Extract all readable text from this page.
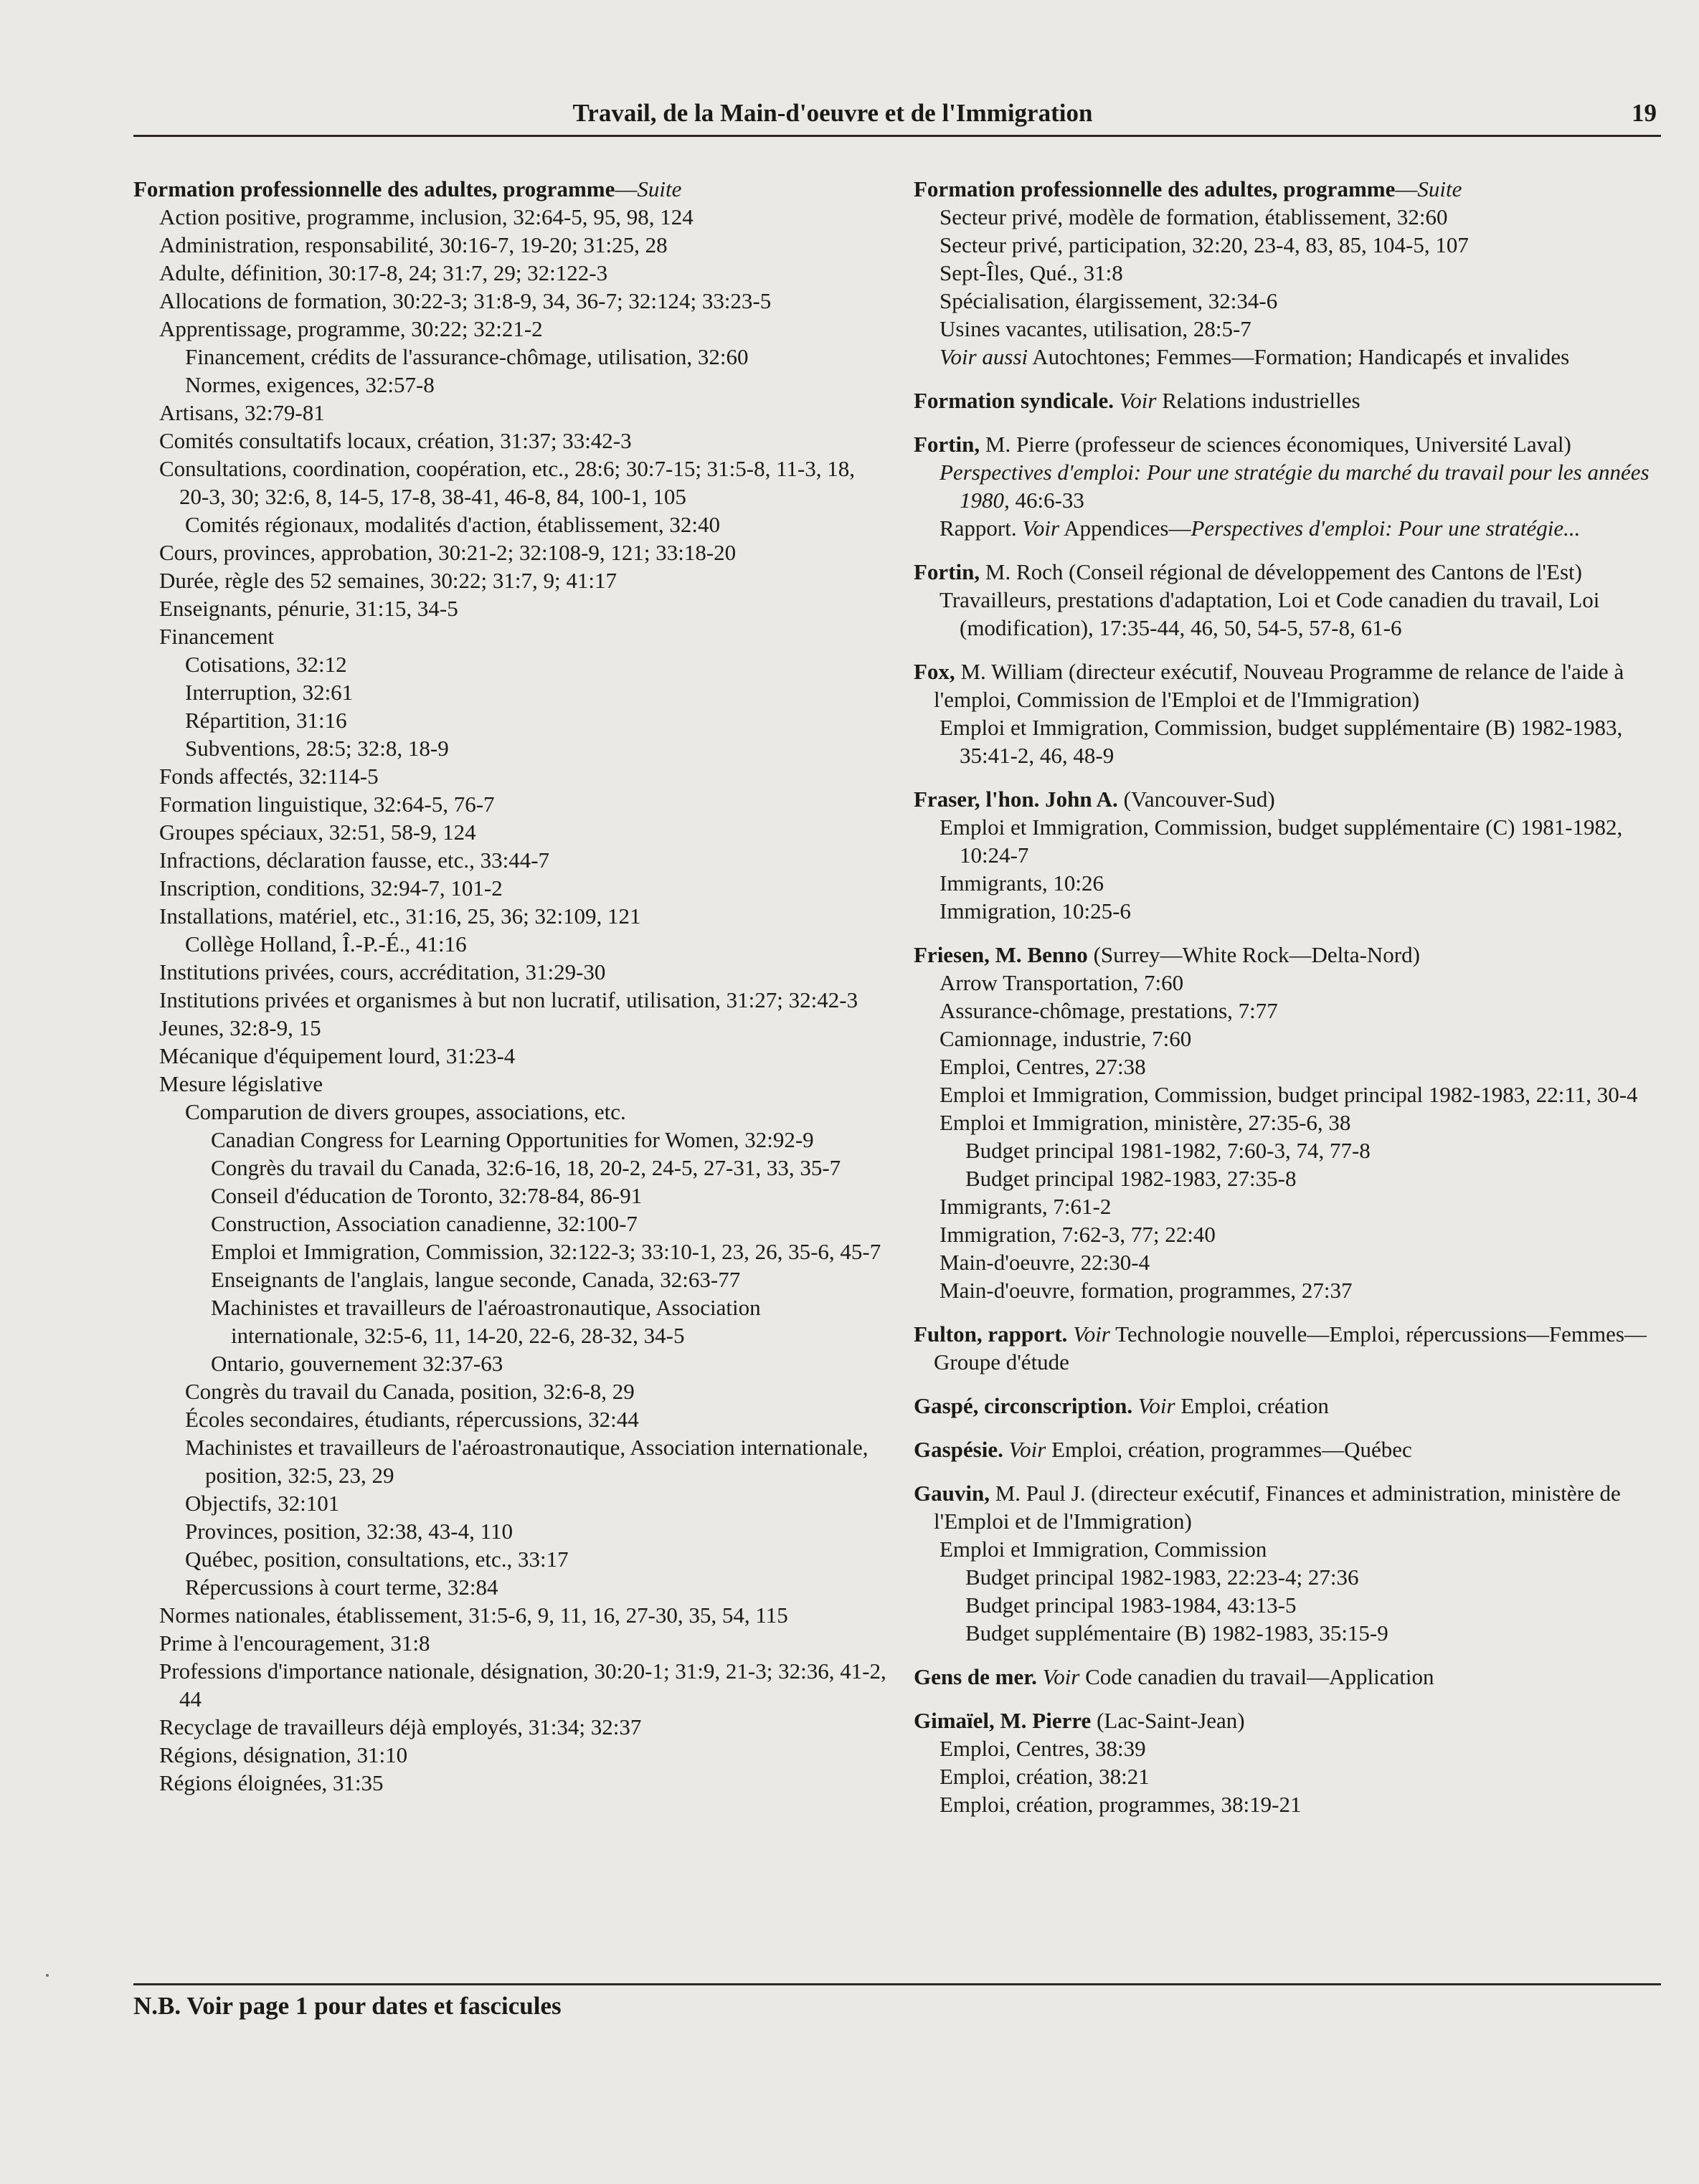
Travail, de la Main-d'oeuvre et de l'Immigration	19

Formation professionnelle des adultes, programme—Suite

Action positive, programme, inclusion, 32:64-5, 95, 98, 124

Administration, responsabilité, 30:16-7, 19-20; 31:25, 28

Adulte, définition, 30:17-8, 24; 31:7, 29; 32:122-3

Allocations de formation, 30:22-3; 31:8-9, 34, 36-7; 32:124; 33:23-5

Apprentissage, programme, 30:22; 32:21-2

Financement, crédits de l'assurance-chômage, utilisation, 32:60

Normes, exigences, 32:57-8

Artisans, 32:79-81

Comités consultatifs locaux, création, 31:37; 33:42-3

Consultations, coordination, coopération, etc., 28:6; 30:7-15; 31:5-8, 11-3, 18, 20-3, 30; 32:6, 8, 14-5, 17-8, 38-41, 46-8, 84, 100-1, 105

Comités régionaux, modalités d'action, établissement, 32:40

Cours, provinces, approbation, 30:21-2; 32:108-9, 121; 33:18-20

Durée, règle des 52 semaines, 30:22; 31:7, 9; 41:17

Enseignants, pénurie, 31:15, 34-5

Financement

Cotisations, 32:12

Interruption, 32:61

Répartition, 31:16

Subventions, 28:5; 32:8, 18-9

Fonds affectés, 32:114-5

Formation linguistique, 32:64-5, 76-7

Groupes spéciaux, 32:51, 58-9, 124

Infractions, déclaration fausse, etc., 33:44-7

Inscription, conditions, 32:94-7, 101-2

Installations, matériel, etc., 31:16, 25, 36; 32:109, 121

Collège Holland, Î.-P.-É., 41:16

Institutions privées, cours, accréditation, 31:29-30

Institutions privées et organismes à but non lucratif, utilisation, 31:27; 32:42-3

Jeunes, 32:8-9, 15

Mécanique d'équipement lourd, 31:23-4

Mesure législative

Comparution de divers groupes, associations, etc.

Canadian Congress for Learning Opportunities for Women, 32:92-9

Congrès du travail du Canada, 32:6-16, 18, 20-2, 24-5, 27-31, 33, 35-7

Conseil d'éducation de Toronto, 32:78-84, 86-91

Construction, Association canadienne, 32:100-7

Emploi et Immigration, Commission, 32:122-3; 33:10-1, 23, 26, 35-6, 45-7

Enseignants de l'anglais, langue seconde, Canada, 32:63-77

Machinistes et travailleurs de l'aéroastronautique, Association internationale, 32:5-6, 11, 14-20, 22-6, 28-32, 34-5

Ontario, gouvernement 32:37-63

Congrès du travail du Canada, position, 32:6-8, 29

Écoles secondaires, étudiants, répercussions, 32:44

Machinistes et travailleurs de l'aéroastronautique, Association internationale, position, 32:5, 23, 29

Objectifs, 32:101

Provinces, position, 32:38, 43-4, 110

Québec, position, consultations, etc., 33:17

Répercussions à court terme, 32:84

Normes nationales, établissement, 31:5-6, 9, 11, 16, 27-30, 35, 54, 115

Prime à l'encouragement, 31:8

Professions d'importance nationale, désignation, 30:20-1; 31:9, 21-3; 32:36, 41-2, 44

Recyclage de travailleurs déjà employés, 31:34; 32:37

Régions, désignation, 31:10

Régions éloignées, 31:35

Formation professionnelle des adultes, programme—Suite

Secteur privé, modèle de formation, établissement, 32:60

Secteur privé, participation, 32:20, 23-4, 83, 85, 104-5, 107

Sept-Îles, Qué., 31:8

Spécialisation, élargissement, 32:34-6

Usines vacantes, utilisation, 28:5-7

Voir aussi Autochtones; Femmes—Formation; Handicapés et invalides

Formation syndicale. Voir Relations industrielles

Fortin, M. Pierre (professeur de sciences économiques, Université Laval)

Perspectives d'emploi: Pour une stratégie du marché du travail pour les années 1980, 46:6-33

Rapport. Voir Appendices—Perspectives d'emploi: Pour une stratégie...

Fortin, M. Roch (Conseil régional de développement des Cantons de l'Est)

Travailleurs, prestations d'adaptation, Loi et Code canadien du travail, Loi (modification), 17:35-44, 46, 50, 54-5, 57-8, 61-6

Fox, M. William (directeur exécutif, Nouveau Programme de relance de l'aide à l'emploi, Commission de l'Emploi et de l'Immigration)

Emploi et Immigration, Commission, budget supplémentaire (B) 1982-1983, 35:41-2, 46, 48-9

Fraser, l'hon. John A. (Vancouver-Sud)

Emploi et Immigration, Commission, budget supplémentaire (C) 1981-1982, 10:24-7

Immigrants, 10:26

Immigration, 10:25-6

Friesen, M. Benno (Surrey—White Rock—Delta-Nord)

Arrow Transportation, 7:60

Assurance-chômage, prestations, 7:77

Camionnage, industrie, 7:60

Emploi, Centres, 27:38

Emploi et Immigration, Commission, budget principal 1982-1983, 22:11, 30-4

Emploi et Immigration, ministère, 27:35-6, 38

Budget principal 1981-1982, 7:60-3, 74, 77-8

Budget principal 1982-1983, 27:35-8

Immigrants, 7:61-2

Immigration, 7:62-3, 77; 22:40

Main-d'oeuvre, 22:30-4

Main-d'oeuvre, formation, programmes, 27:37

Fulton, rapport. Voir Technologie nouvelle—Emploi, répercussions—Femmes—Groupe d'étude

Gaspé, circonscription. Voir Emploi, création

Gaspésie. Voir Emploi, création, programmes—Québec

Gauvin, M. Paul J. (directeur exécutif, Finances et administration, ministère de l'Emploi et de l'Immigration)

Emploi et Immigration, Commission

Budget principal 1982-1983, 22:23-4; 27:36

Budget principal 1983-1984, 43:13-5

Budget supplémentaire (B) 1982-1983, 35:15-9

Gens de mer. Voir Code canadien du travail—Application

Gimaïel, M. Pierre (Lac-Saint-Jean)

Emploi, Centres, 38:39

Emploi, création, 38:21

Emploi, création, programmes, 38:19-21

N.B. Voir page 1 pour dates et fascicules
